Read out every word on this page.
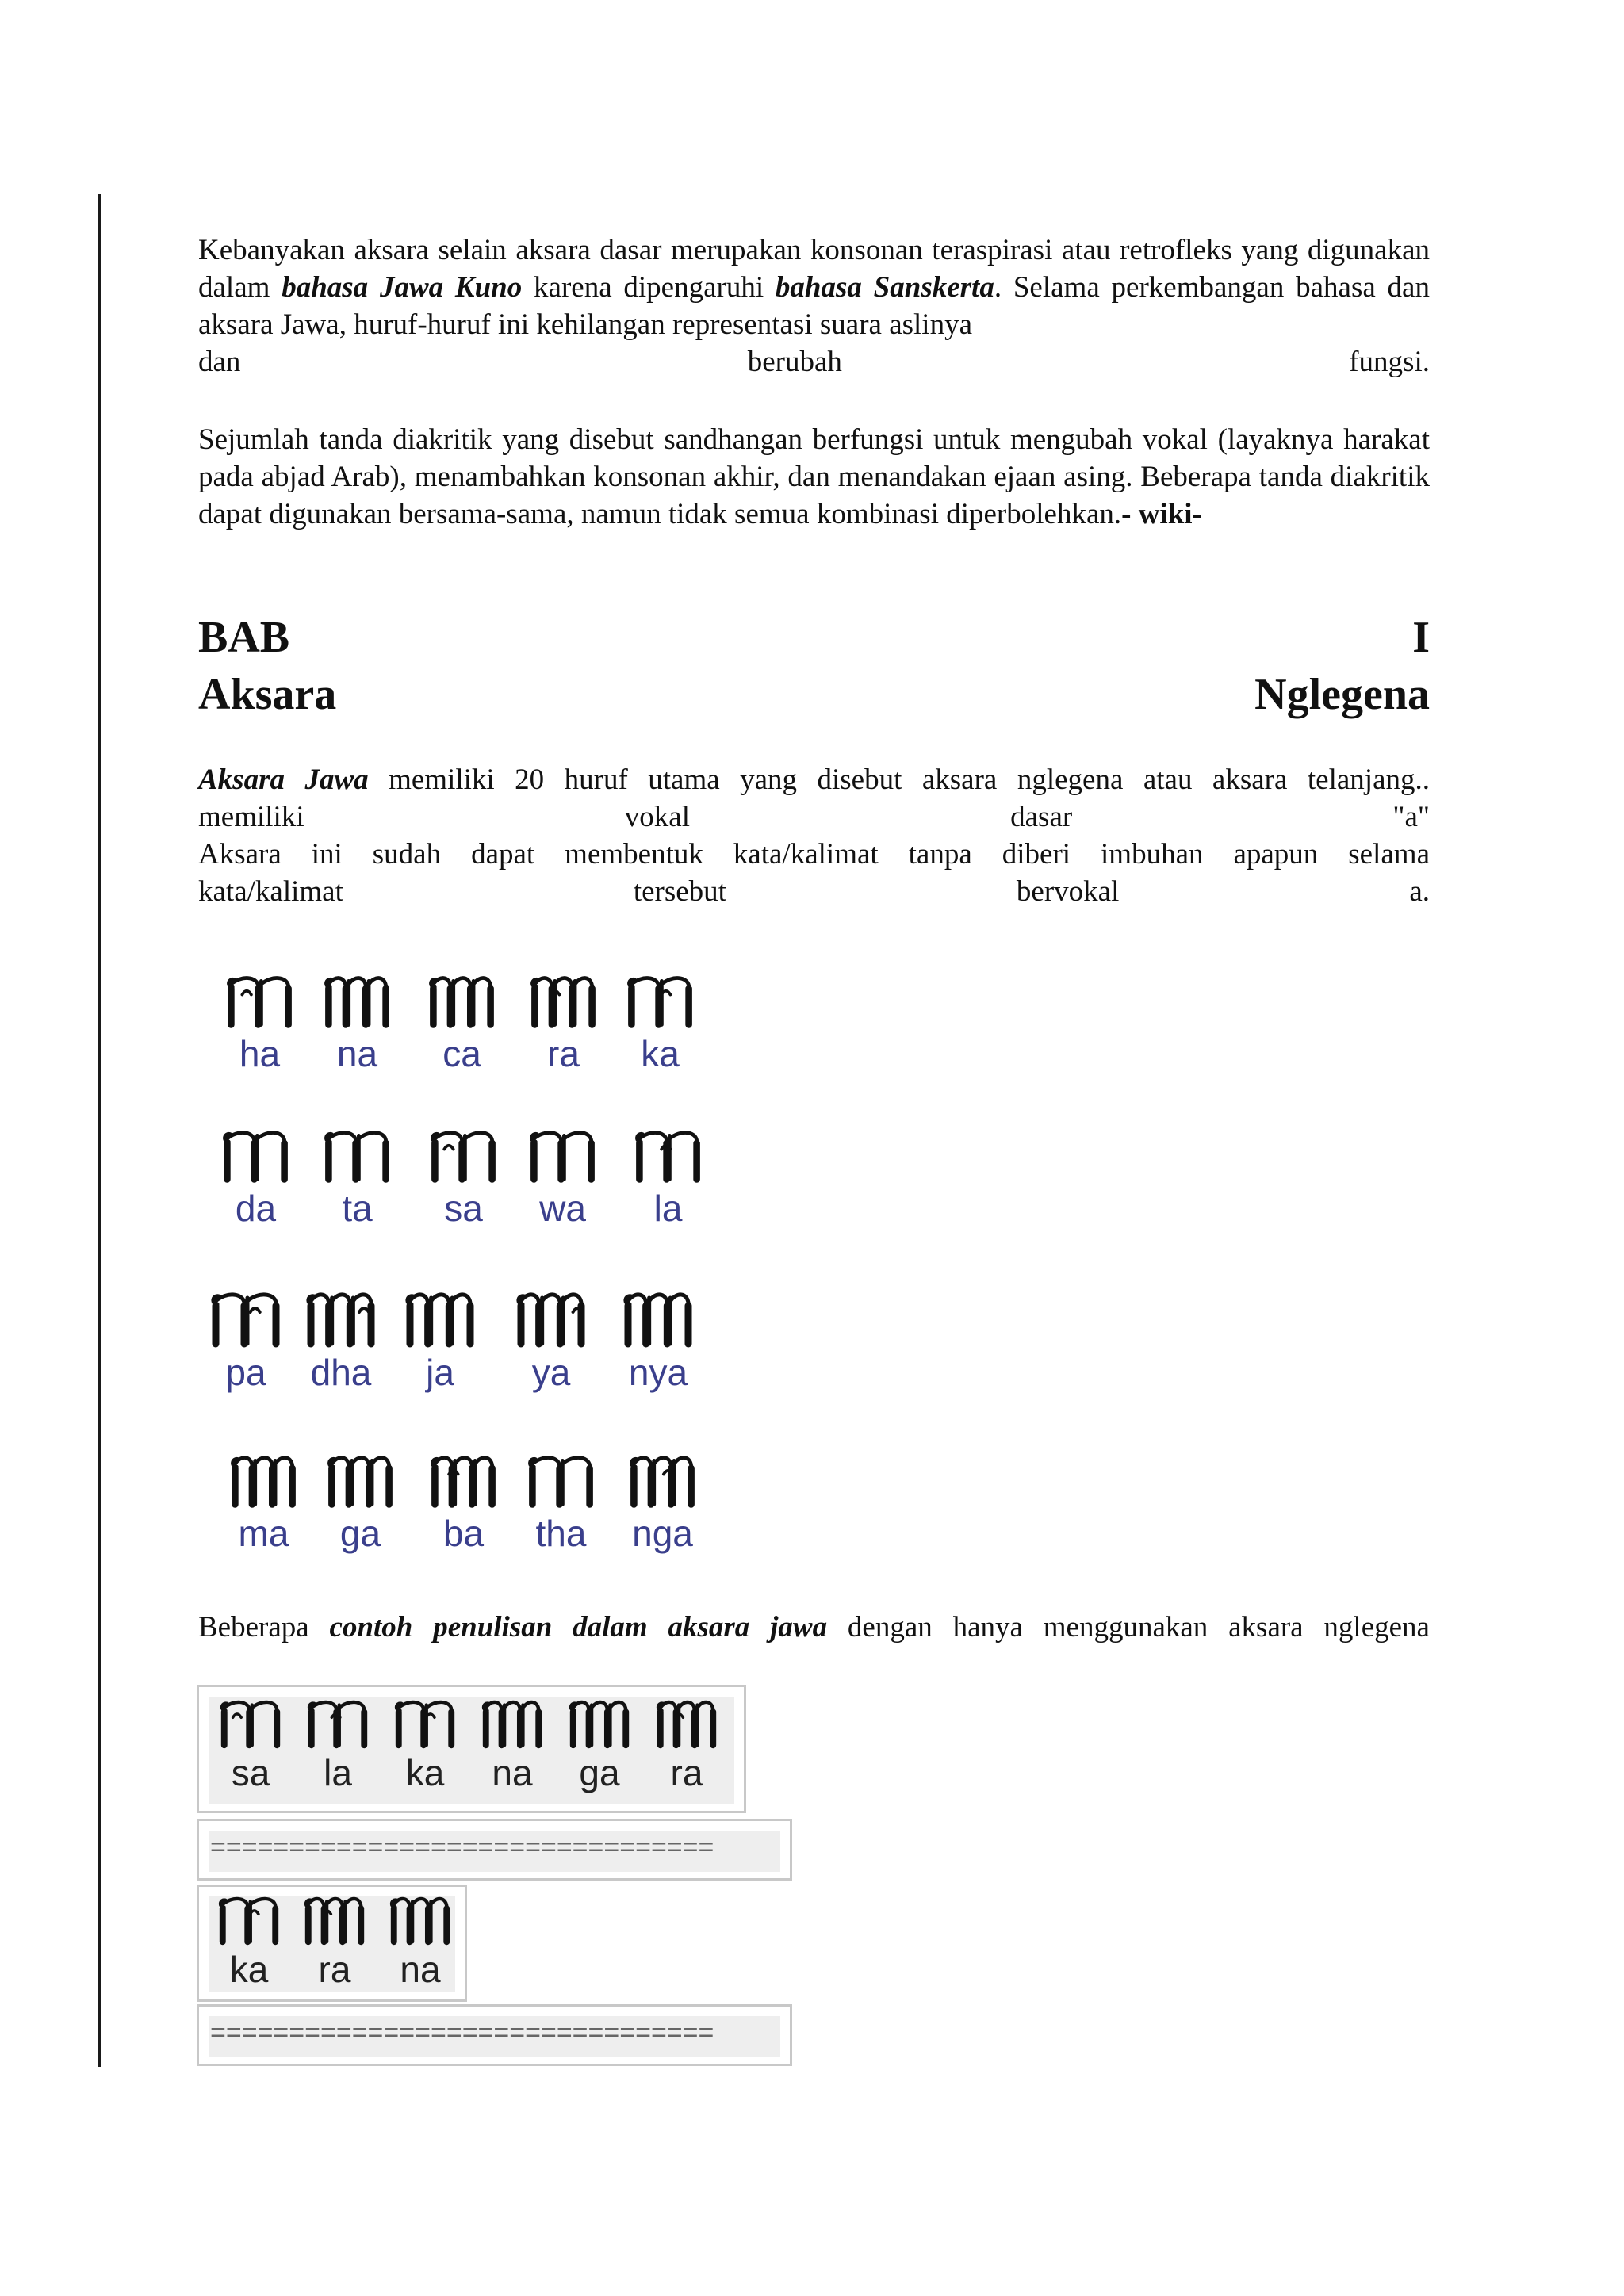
Kebanyakan aksara selain aksara dasar merupakan konsonan teraspirasi atau retrofleks yang digunakan dalam bahasa Jawa Kuno karena dipengaruhi bahasa Sanskerta. Selama perkembangan bahasa dan aksara Jawa, huruf-huruf ini kehilangan representasi suara aslinya

dan	berubah	fungsi.

Sejumlah tanda diakritik yang disebut sandhangan berfungsi untuk mengubah vokal (layaknya harakat pada abjad Arab), menambahkan konsonan akhir, dan menandakan ejaan asing. Beberapa tanda diakritik dapat digunakan bersama-sama, namun tidak semua kombinasi diperbolehkan.- wiki-

BAB	I
Aksara	Nglegena

Aksara Jawa memiliki 20 huruf utama yang disebut aksara nglegena atau aksara telanjang..

memiliki	vokal	dasar	"a"

Aksara ini sudah dapat membentuk kata/kalimat tanpa diberi imbuhan apapun selama

kata/kalimat	tersebut	bervokal	a.
ha na ca ra ka
da ta sa wa la
pa dha ja ya nya
ma ga ba tha nga

Beberapa contoh penulisan dalam aksara jawa dengan hanya menggunakan aksara nglegena

sa la ka na ga ra
================================
ka ra na
================================
